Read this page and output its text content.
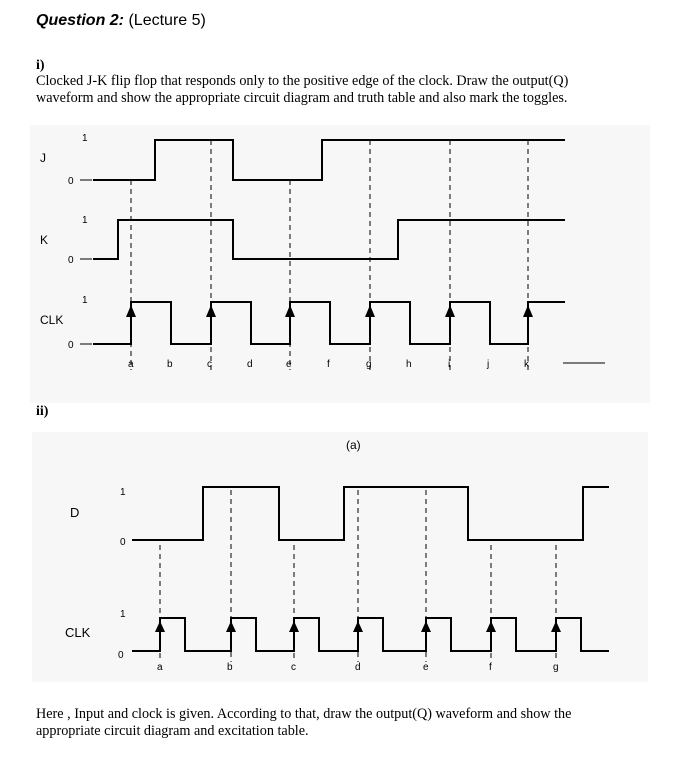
Question 2: (Lecture 5)
i)
Clocked J-K flip flop that responds only to the positive edge of the clock. Draw the output(Q)
waveform and show the appropriate circuit diagram and truth table and also mark the toggles.
J
K
CLK
1
0
1
0
1
0
a	b	c	d	e	f	g	h	i	j	k
ii)
(a)
D
CLK
1
0
1
0
a	b	c	d	e	f	g
Here , Input and clock is given. According to that, draw the output(Q) waveform and show the
appropriate circuit diagram and excitation table.
